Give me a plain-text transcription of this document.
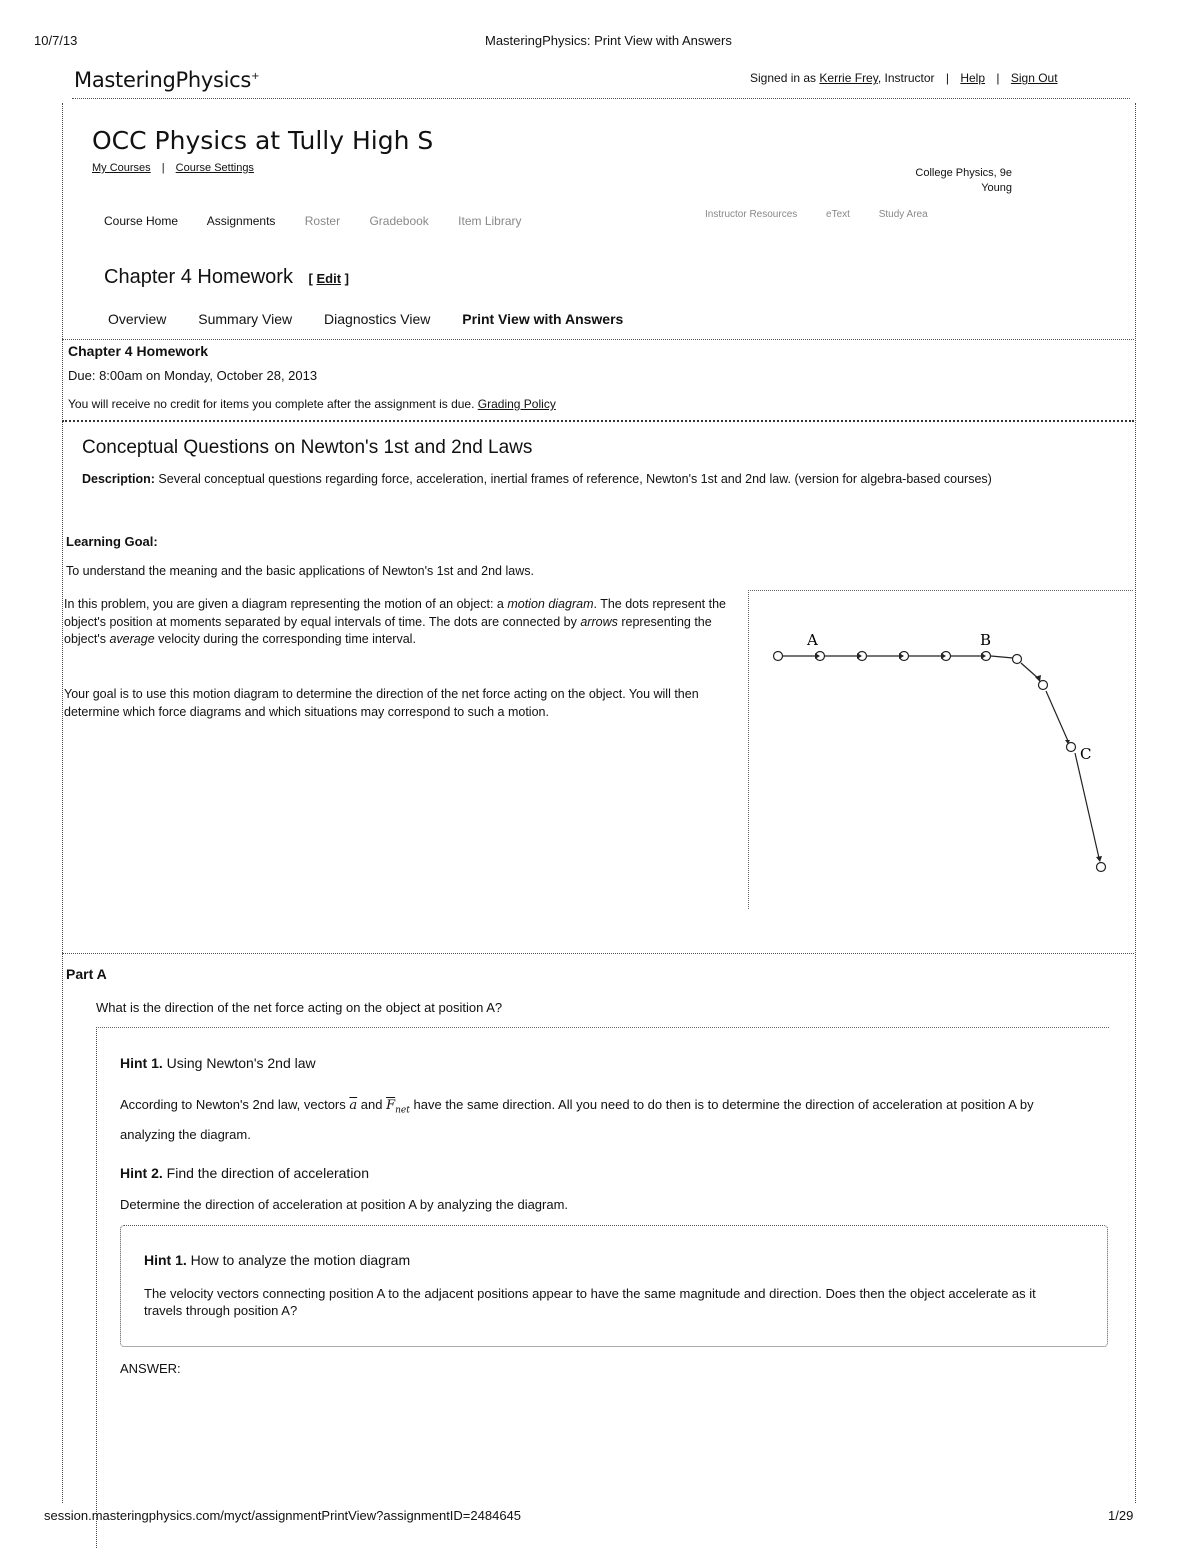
10/7/13	MasteringPhysics: Print View with Answers
MasteringPhysics+	Signed in as Kerrie Frey, Instructor | Help | Sign Out
OCC Physics at Tully High S
My Courses | Course Settings	College Physics, 9e
Young
Course Home Assignments Roster Gradebook Item Library	Instructor Resources	eText	Study Area
Chapter 4 Homework [ Edit ]
Overview Summary View Diagnostics View Print View with Answers
Chapter 4 Homework
Due: 8:00am on Monday, October 28, 2013
You will receive no credit for items you complete after the assignment is due. Grading Policy
Conceptual Questions on Newton's 1st and 2nd Laws
Description: Several conceptual questions regarding force, acceleration, inertial frames of reference, Newton's 1st and 2nd law. (version for algebra-based courses)
Learning Goal:
To understand the meaning and the basic applications of Newton's 1st and 2nd laws.
In this problem, you are given a diagram representing the motion of an object: a motion diagram. The dots represent the object's position at moments separated by equal intervals of time. The dots are connected by arrows representing the object's average velocity during the corresponding time interval.
Your goal is to use this motion diagram to determine the direction of the net force acting on the object. You will then determine which force diagrams and which situations may correspond to such a motion.
A	B
C
Part A
What is the direction of the net force acting on the object at position A?
Hint 1. Using Newton's 2nd law
According to Newton's 2nd law, vectors $\overline{a}$ and $\overline{F}_{net}$ have the same direction. All you need to do then is to determine the direction of acceleration at position A by analyzing the diagram.
Hint 2. Find the direction of acceleration
Determine the direction of acceleration at position A by analyzing the diagram.
Hint 1. How to analyze the motion diagram
The velocity vectors connecting position A to the adjacent positions appear to have the same magnitude and direction. Does then the object accelerate as it travels through position A?
ANSWER:
session.masteringphysics.com/myct/assignmentPrintView?assignmentID=2484645	1/29
